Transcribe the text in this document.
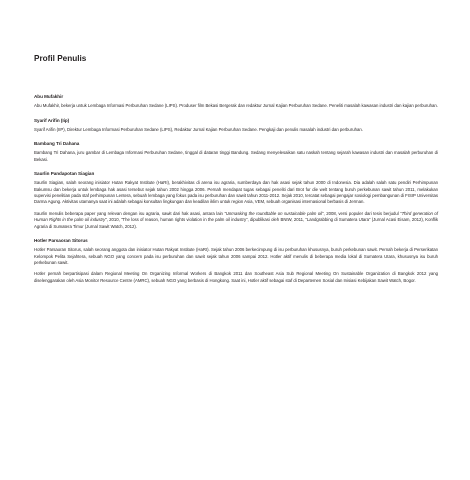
Profil Penulis

Abu Mufakhir

Abu Mufakhir, bekerja untuk Lembaga Informasi Perburuhan Sedane (LIPS). Produser film Bekasi Bergerak dan redaktur Jurnal Kajian Perburuhan Sedane. Peneliti masalah kawasan industri dan kajian perburuhan.

Syarif Arifin (Iip)

Syarif Arifin (IIP), Direktur Lembaga Informasi Perburuhan Sedane (LIPS), Redaktur Jurnal Kajian Perburuhan Sedane. Pengkaji dan penulis masalah industri dan perburuhan.

Bambang Tri Dahana

Bambang Tri Dahana, juru gambar di Lembaga Informasi Perburuhan Sedane, tinggal di dataran tinggi Bandung. Sedang menyelesaikan satu naskah tentang sejarah kawasan industri dan masalah perburuhan di Bekasi.

Saurlin Pandapotan Siagian

Saurlin Siagian, salah seorang inisiator Hutan Rakyat Institute (HaRI), berakhivitas di arena isu agraria, sumberdaya dan hak asasi sejak tahun 2000 di Indonesia. Dia adalah salah satu pendiri Perhimpunan Bakumsu dan bekerja untuk lembaga hak asasi tersebut sejak tahun 2002 hingga 2006. Pernah mendapat tugas sebagai peneliti dari Brot fur die welt tentang buruh perkebunan sawit tahun 2011, melakukan supervisi penelitian pada staf perhimpunan Lentera, sebuah lembaga yang fokus pada isu perburuhan dan sawit tahun 2011-2012. Sejak 2010, tercatat sebagai pengajar sosiologi pembangunan di FISIP Universitas Darma Agung. Aktivitas utamanya saat ini adalah sebagai konsultan lingkungan dan keadilan iklim untuk region Asia, VEM, sebuah organisasi internasional berbasis di Jerman.

Saurlin menulis beberapa paper yang relevan dengan isu agraria, sawit dari hak asasi, antara lain “Unmasking the roundtable on sustainable palm oil”, 2008, versi populer dari tesis berjudul “Third generation of Human Rights in the palm oil industry”, 2010, “The loss of reason, human rights violation in the palm oil industry”, dipublikasi oleh BNIW, 2011, “Landgrabbing di Sumatera Utara” (Jurnal Acasi Eisam, 2012), Konflik Agraria di Sumatera Timur (Jurnal Sawit Watch, 2012).

Hotler Parsaoran Sitorus

Hotler Parsaoran Sitorus, salah seorang anggota dan inisiator Hutan Rakyat Institute (HaRI). Sejak tahun 2006 berkecimpung di isu perburuhan khususnya, buruh perkebunan sawit. Pernah bekerja di Perserikatan Kelompok Pelita Sejahtera, sebuah NGO yang concern pada isu perburuhan dan sawit sejak tahun 2006 sampai 2012. Hotler aktif menulis di beberapa media lokal di Sumatera Utara, khususnya isu buruh perkebunan sawit.

Hotler pernah berpartisipasi dalam Regional Meeting On Organizing Informal Workers di Bangkok 2011 dan Southeast Asia Sub Regional Meeting On Sustainable Organization di Bangkok 2012 yang diselenggarakan oleh Asia Monitor Resource Centre (AMRC), sebuah NGO yang berbasis di Hongkong. Saat ini, Hotler aktif sebagai staf di Departemen Sosial dan Inisiasi Kebijakan Sawit Watch, Bogor.
